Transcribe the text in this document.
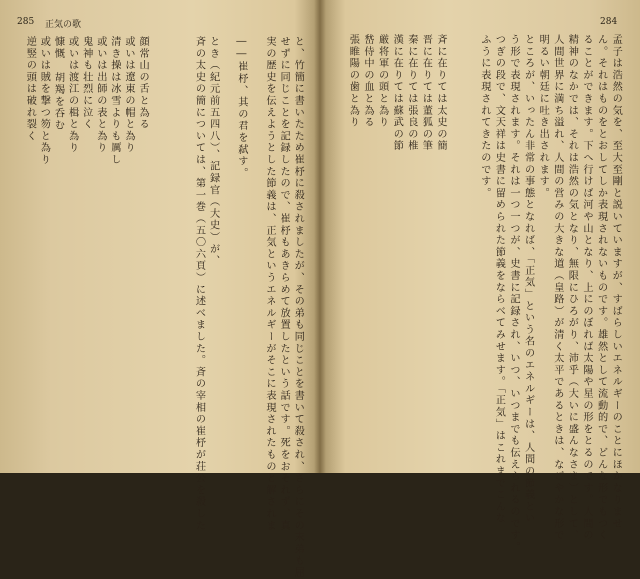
285 正気の歌	284
と、竹簡に書いたため崔杼に殺されましたが、その弟も同じことを書いて殺され、さらにその末弟も屈
せずに同じことを記録したので、崔杼もあきらめて放置したという話です。死をおそれず、真
実の歴史を伝えようとした節義は、正気というエネルギーがそこに表現されたものと解されま
――崔杼、其の君を弑す。
とき（紀元前五四八）、記録官（大史）が、
斉の太史の簡については、第一巻（五〇六頁）に述べました。斉の宰相の崔杼が荘公を殺した
顔常山の舌と為る
或いは遼東の帽と為り
清き操は冰雪よりも厲し
或いは出師の表と為り
鬼神も壮烈に泣く
或いは渡江の楫と為り
慷慨 胡羯を呑む
或いは賊を撃つ笏と為り
逆竪の頭は破れ裂く	孟子は浩然の気を、至大至剛と説いていますが、すばらしいエネルギーのことにほかなりませ
ん。それはものをとおしてしか表現されないものです。雄然として流動的で、どんな形でもつく
ることができます。下へ行けば河や山となり、上にのぼれば太陽や星の形をとるのです。人間の
精神のなかでは、それは浩然の気となり、無限にひろがり、沛乎（大いに盛んなさま）として、
人間世界に満ち溢れ、人間の営みの大きな道（皇路）が清く太平であるときは、なごやかな形で
明るい朝廷に吐き出されます。
ところが、いったん非常の事態となれば、「正気」という名のエネルギーは、人間の節義とい
う形で表現されます。それは一つ一つが、史書に記録され、いつ、いつまでも伝えられるのです。
つぎの段で、文天祥は史書に留められた節義をならべてみせます。「正気」はこれまでこんな
ふうに表現されてきたのです。
斉に在りては太史の簡
晋に在りては董狐の筆
秦に在りては張良の椎
漢に在りては蘇武の節
厳将軍の頭と為り
嵆侍中の血と為る
張睢陽の歯と為り
